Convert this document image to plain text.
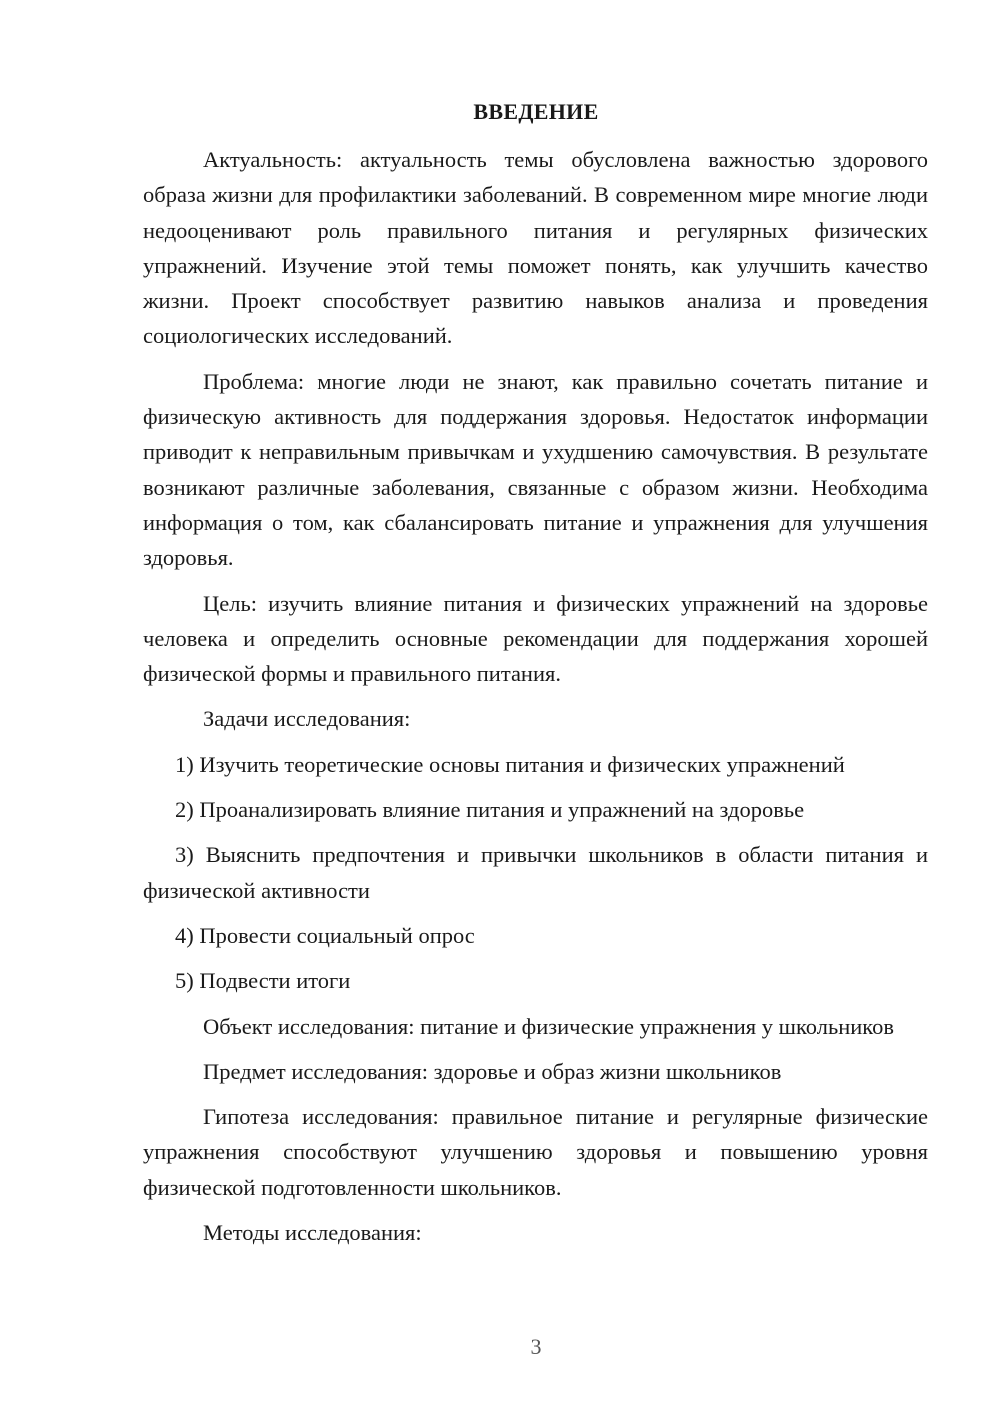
ВВЕДЕНИЕ

Актуальность: актуальность темы обусловлена важностью здорового образа жизни для профилактики заболеваний. В современном мире многие люди недооценивают роль правильного питания и регулярных физических упражнений. Изучение этой темы поможет понять, как улучшить качество жизни. Проект способствует развитию навыков анализа и проведения социологических исследований.

Проблема: многие люди не знают, как правильно сочетать питание и физическую активность для поддержания здоровья. Недостаток информации приводит к неправильным привычкам и ухудшению самочувствия. В результате возникают различные заболевания, связанные с образом жизни. Необходима информация о том, как сбалансировать питание и упражнения для улучшения здоровья.

Цель: изучить влияние питания и физических упражнений на здоровье человека и определить основные рекомендации для поддержания хорошей физической формы и правильного питания.

Задачи исследования:

1) Изучить теоретические основы питания и физических упражнений

2) Проанализировать влияние питания и упражнений на здоровье

3) Выяснить предпочтения и привычки школьников в области питания и физической активности

4) Провести социальный опрос

5) Подвести итоги

Объект исследования: питание и физические упражнения у школьников

Предмет исследования: здоровье и образ жизни школьников

Гипотеза исследования: правильное питание и регулярные физические упражнения способствуют улучшению здоровья и повышению уровня физической подготовленности школьников.

Методы исследования:

3
